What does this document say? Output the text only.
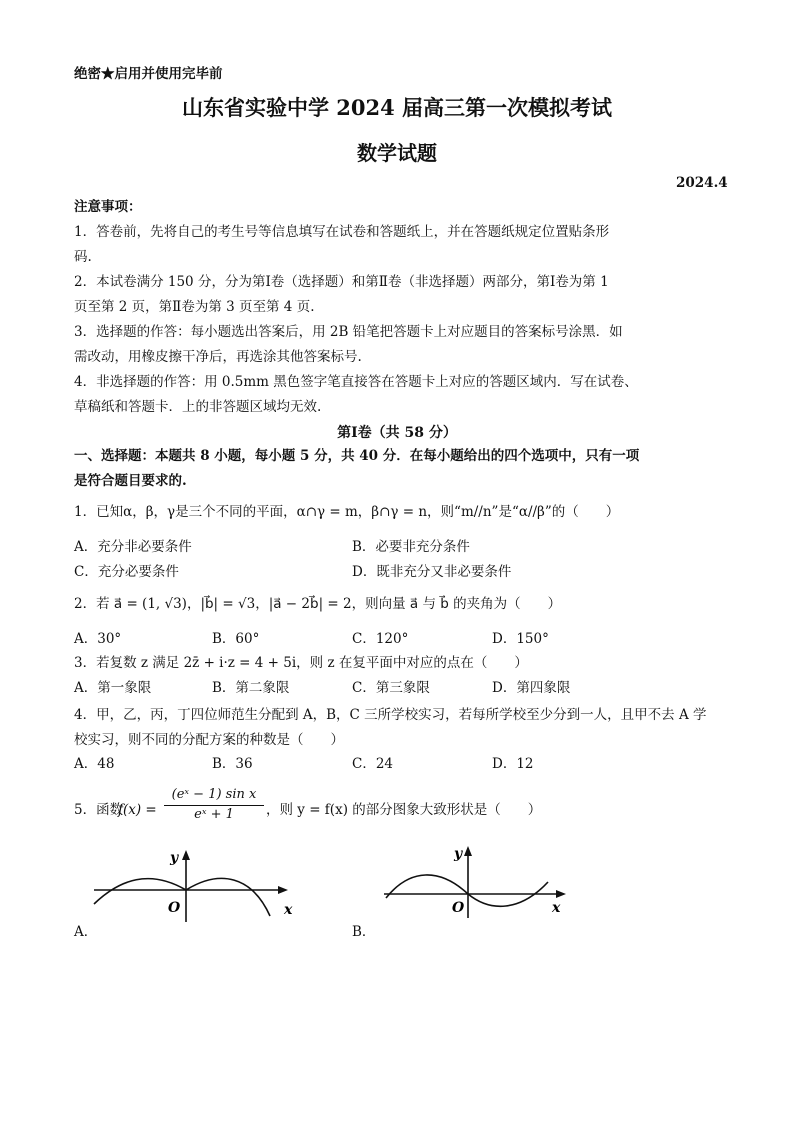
绝密★启用并使用完毕前
山东省实验中学 2024 届高三第一次模拟考试
数学试题
2024.4
注意事项：
1．答卷前，先将自己的考生号等信息填写在试卷和答题纸上，并在答题纸规定位置贴条形
码.
2．本试卷满分 150 分，分为第Ⅰ卷（选择题）和第Ⅱ卷（非选择题）两部分，第Ⅰ卷为第 1
页至第 2 页，第Ⅱ卷为第 3 页至第 4 页.
3．选择题的作答：每小题选出答案后，用 2B 铅笔把答题卡上对应题目的答案标号涂黑．如
需改动，用橡皮擦干净后，再选涂其他答案标号.
4．非选择题的作答：用 0.5mm 黑色签字笔直接答在答题卡上对应的答题区域内．写在试卷、
草稿纸和答题卡．上的非答题区域均无效.
第Ⅰ卷（共 58 分）
一、选择题：本题共 8 小题，每小题 5 分，共 40 分．在每小题给出的四个选项中，只有一项
是符合题目要求的.
1．已知α，β，γ是三个不同的平面，α∩γ = m，β∩γ = n，则“m//n”是“α//β”的（　　）
A．充分非必要条件	B．必要非充分条件
C．充分必要条件	D．既非充分又非必要条件
2．若 a⃗ = (1, √3)，|b⃗| = √3，|a⃗ − 2b⃗| = 2，则向量 a⃗ 与 b⃗ 的夹角为（　　）
A．30°	B．60°	C．120°	D．150°
3．若复数 z 满足 2z̄ + i·z = 4 + 5i，则 z 在复平面中对应的点在（　　）
A．第一象限	B．第二象限	C．第三象限	D．第四象限
4．甲，乙，丙，丁四位师范生分配到 A，B，C 三所学校实习，若每所学校至少分到一人，且甲不去 A 学
校实习，则不同的分配方案的种数是（　　）
A．48	B．36	C．24	D．12
5．函数
$f(x) = \frac{\text{(eˣ − 1) sin x}}{\text{eˣ + 1}}$ ，则 y = f(x) 的部分图象大致形状是（　　）
y
x
O
A．
y
x
O
B．
